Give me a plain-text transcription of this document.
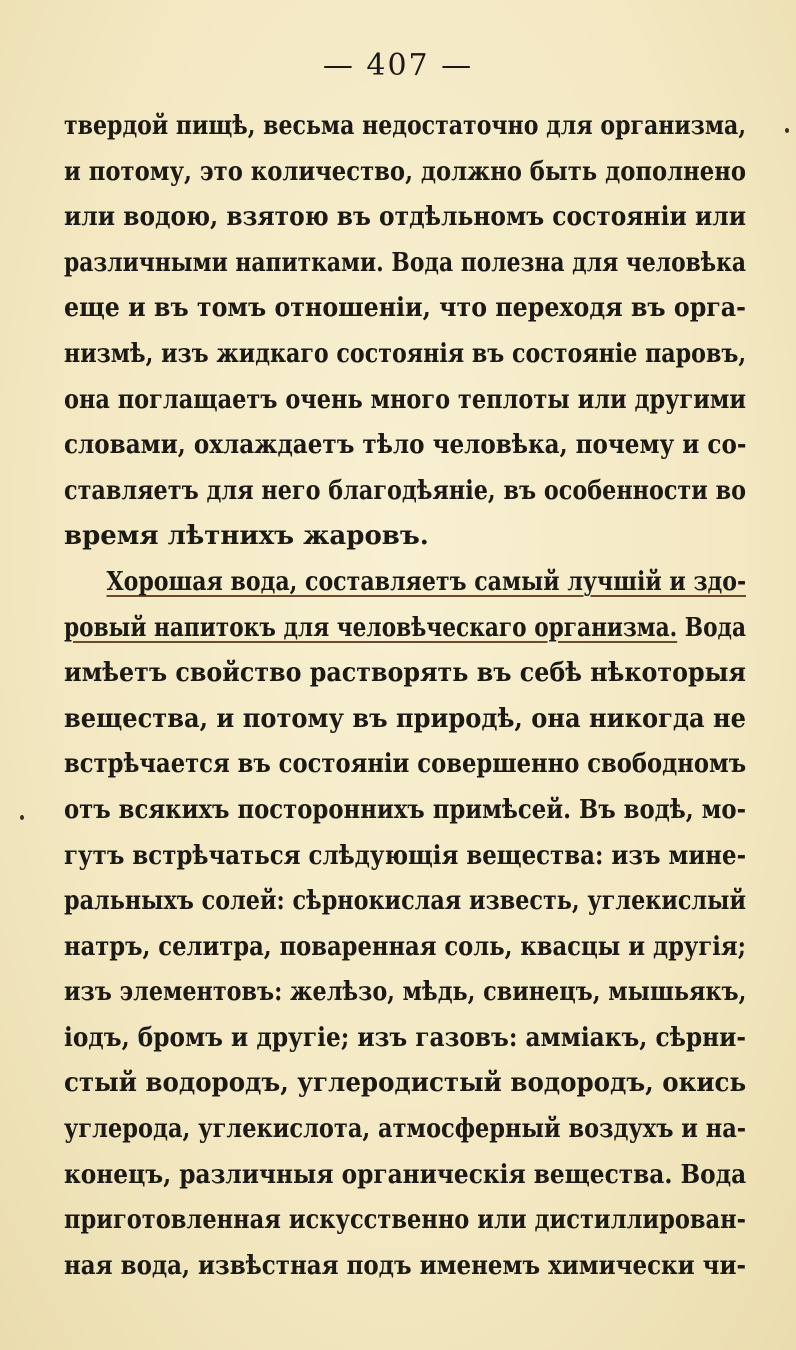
— 407 —
твердой пищѣ, весьма недостаточно для организма,
и потому, это количество, должно быть дополнено
или водою, взятою въ отдѣльномъ состояніи или
различными напитками. Вода полезна для человѣка
еще и въ томъ отношеніи, что переходя въ орга-
низмѣ, изъ жидкаго состоянія въ состояніе паровъ,
она поглащаетъ очень много теплоты или другими
словами, охлаждаетъ тѣло человѣка, почему и со-
ставляетъ для него благодѣяніе, въ особенности во
время лѣтнихъ жаровъ.
Хорошая вода, составляетъ самый лучшій и здо-
ровый напитокъ для человѣческаго организма. Вода
имѣетъ свойство растворять въ себѣ нѣкоторыя
вещества, и потому въ природѣ, она никогда не
встрѣчается въ состояніи совершенно свободномъ
отъ всякихъ постороннихъ примѣсей. Въ водѣ, мо-
гутъ встрѣчаться слѣдующія вещества: изъ мине-
ральныхъ солей: сѣрнокислая известь, углекислый
натръ, селитра, поваренная соль, квасцы и другія;
изъ элементовъ: желѣзо, мѣдь, свинецъ, мышьякъ,
іодъ, бромъ и другіе; изъ газовъ: амміакъ, сѣрни-
стый водородъ, углеродистый водородъ, окись
углерода, углекислота, атмосферный воздухъ и на-
конецъ, различныя органическія вещества. Вода
приготовленная искусственно или дистиллирован-
ная вода, извѣстная подъ именемъ химически чи-
